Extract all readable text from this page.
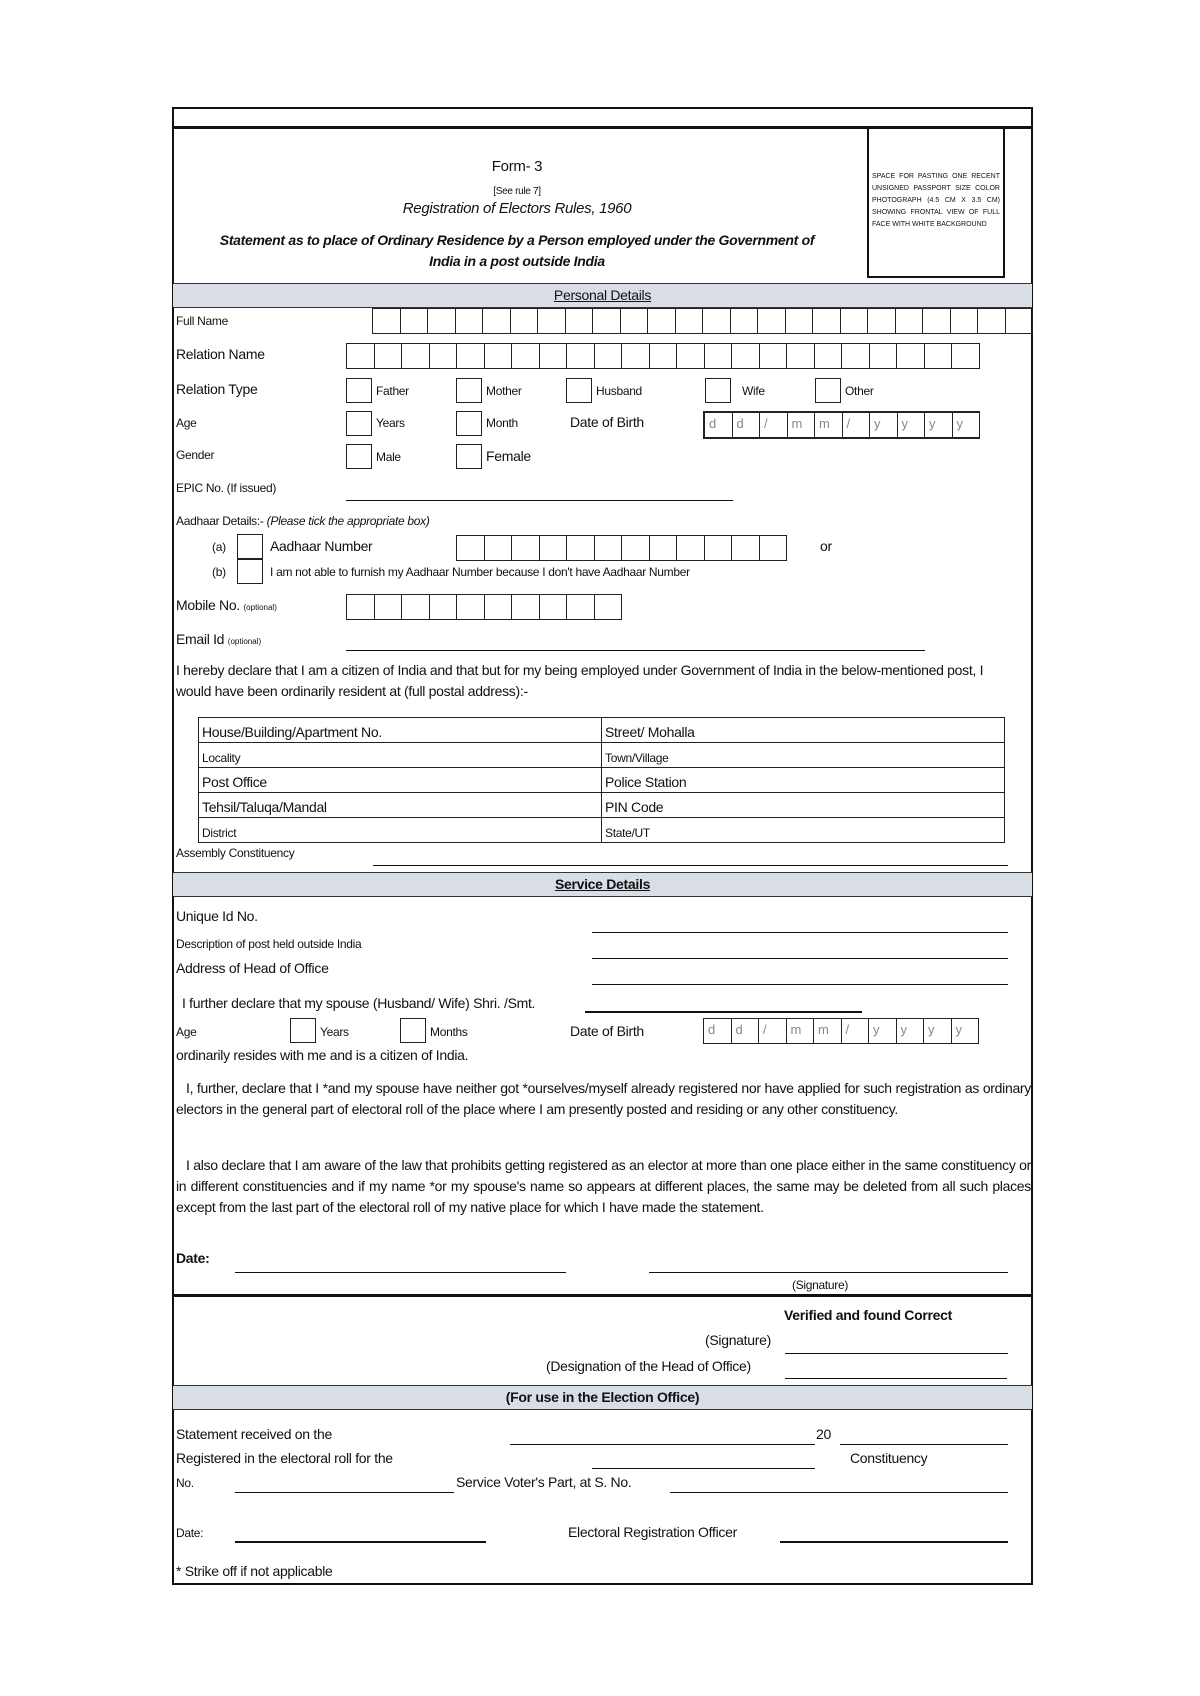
Form- 3
[See rule 7]
Registration of Electors Rules, 1960
Statement as to place of Ordinary Residence by a Person employed under the Government of
India in a post outside India
SPACE FOR PASTING ONE RECENT UNSIGNED PASSPORT SIZE COLOR PHOTOGRAPH (4.5 CM X 3.5 CM) SHOWING FRONTAL VIEW OF FULL FACE WITH WHITE BACKGROUND
Personal Details
Full Name
Relation Name
Relation Type	Father	Mother	Husband	Wife	Other
Age	Years	Month	Date of Birth	d	d	/	m	m	/	y	y	y	y
Gender	Male	Female
EPIC No. (If issued)
Aadhaar Details:- (Please tick the appropriate box)
(a)	Aadhaar Number	or
(b)	I am not able to furnish my Aadhaar Number because I don't have Aadhaar Number
Mobile No. (optional)
Email Id (optional)
I hereby declare that I am a citizen of India and that but for my being employed under Government of India in the below-mentioned post, I would have been ordinarily resident at (full postal address):-
House/Building/Apartment No.	Street/ Mohalla
Locality	Town/Village
Post Office	Police Station
Tehsil/Taluqa/Mandal	PIN Code
District	State/UT
Assembly Constituency
Service Details
Unique Id No.
Description of post held outside India
Address of Head of Office
I further declare that my spouse (Husband/ Wife) Shri. /Smt.
Age	Years	Months	Date of Birth	d	d	/	m	m	/	y	y	y	y
ordinarily resides with me and is a citizen of India.
I, further, declare that I *and my spouse have neither got *ourselves/myself already registered nor have applied for such registration as ordinary electors in the general part of electoral roll of the place where I am presently posted and residing or any other constituency.
I also declare that I am aware of the law that prohibits getting registered as an elector at more than one place either in the same constituency or in different constituencies and if my name *or my spouse's name so appears at different places, the same may be deleted from all such places except from the last part of the electoral roll of my native place for which I have made the statement.
Date:
(Signature)
Verified and found Correct
(Signature)
(Designation of the Head of Office)
(For use in the Election Office)
Statement received on the	20
Registered in the electoral roll for the	Constituency
No.	Service Voter's Part, at S. No.
Date:	Electoral Registration Officer
* Strike off if not applicable
